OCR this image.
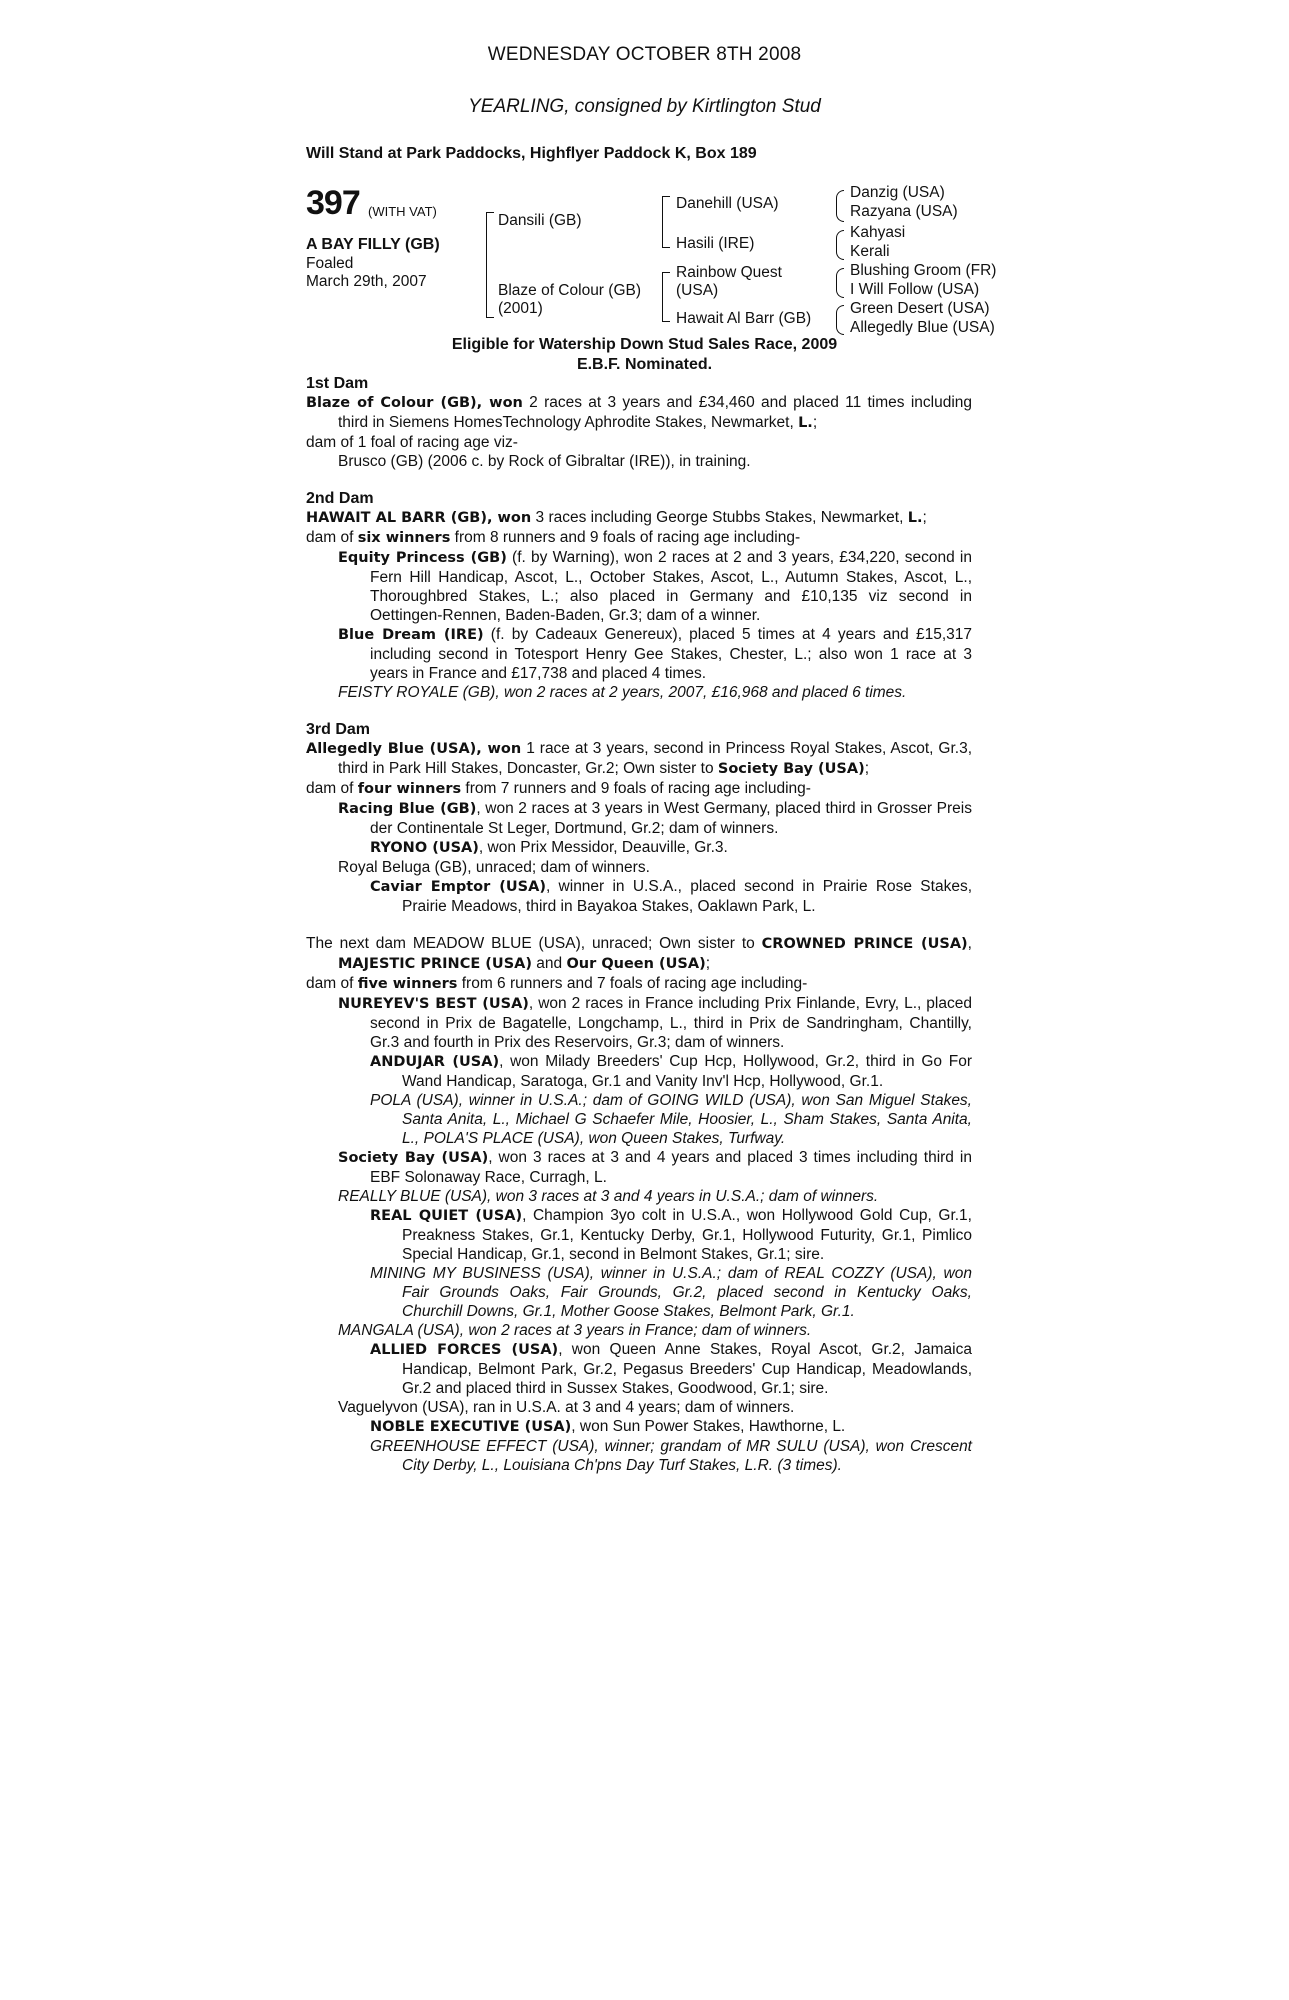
WEDNESDAY OCTOBER 8TH 2008
YEARLING, consigned by Kirtlington Stud
Will Stand at Park Paddocks, Highflyer Paddock K, Box 189
397 (WITH VAT)
A BAY FILLY (GB)
Foaled
March 29th, 2007
Dansili (GB)
Blaze of Colour (GB)
(2001)
Danehill (USA)
Hasili (IRE)
Rainbow Quest
(USA)
Hawait Al Barr (GB)
Danzig (USA)
Razyana (USA)
Kahyasi
Kerali
Blushing Groom (FR)
I Will Follow (USA)
Green Desert (USA)
Allegedly Blue (USA)
Eligible for Watership Down Stud Sales Race, 2009
E.B.F. Nominated.
1st Dam
Blaze of Colour (GB), won 2 races at 3 years and £34,460 and placed 11 times including third in Siemens HomesTechnology Aphrodite Stakes, Newmarket, L.;
dam of 1 foal of racing age viz-
Brusco (GB) (2006 c. by Rock of Gibraltar (IRE)), in training.
2nd Dam
HAWAIT AL BARR (GB), won 3 races including George Stubbs Stakes, Newmarket, L.;
dam of six winners from 8 runners and 9 foals of racing age including-
Equity Princess (GB) (f. by Warning), won 2 races at 2 and 3 years, £34,220, second in Fern Hill Handicap, Ascot, L., October Stakes, Ascot, L., Autumn Stakes, Ascot, L., Thoroughbred Stakes, L.; also placed in Germany and £10,135 viz second in Oettingen-Rennen, Baden-Baden, Gr.3; dam of a winner.
Blue Dream (IRE) (f. by Cadeaux Genereux), placed 5 times at 4 years and £15,317 including second in Totesport Henry Gee Stakes, Chester, L.; also won 1 race at 3 years in France and £17,738 and placed 4 times.
FEISTY ROYALE (GB), won 2 races at 2 years, 2007, £16,968 and placed 6 times.
3rd Dam
Allegedly Blue (USA), won 1 race at 3 years, second in Princess Royal Stakes, Ascot, Gr.3, third in Park Hill Stakes, Doncaster, Gr.2; Own sister to Society Bay (USA);
dam of four winners from 7 runners and 9 foals of racing age including-
Racing Blue (GB), won 2 races at 3 years in West Germany, placed third in Grosser Preis der Continentale St Leger, Dortmund, Gr.2; dam of winners.
RYONO (USA), won Prix Messidor, Deauville, Gr.3.
Royal Beluga (GB), unraced; dam of winners.
Caviar Emptor (USA), winner in U.S.A., placed second in Prairie Rose Stakes, Prairie Meadows, third in Bayakoa Stakes, Oaklawn Park, L.
The next dam MEADOW BLUE (USA), unraced; Own sister to CROWNED PRINCE (USA), MAJESTIC PRINCE (USA) and Our Queen (USA);
dam of five winners from 6 runners and 7 foals of racing age including-
NUREYEV'S BEST (USA), won 2 races in France including Prix Finlande, Evry, L., placed second in Prix de Bagatelle, Longchamp, L., third in Prix de Sandringham, Chantilly, Gr.3 and fourth in Prix des Reservoirs, Gr.3; dam of winners.
ANDUJAR (USA), won Milady Breeders' Cup Hcp, Hollywood, Gr.2, third in Go For Wand Handicap, Saratoga, Gr.1 and Vanity Inv'l Hcp, Hollywood, Gr.1.
POLA (USA), winner in U.S.A.; dam of GOING WILD (USA), won San Miguel Stakes, Santa Anita, L., Michael G Schaefer Mile, Hoosier, L., Sham Stakes, Santa Anita, L., POLA'S PLACE (USA), won Queen Stakes, Turfway.
Society Bay (USA), won 3 races at 3 and 4 years and placed 3 times including third in EBF Solonaway Race, Curragh, L.
REALLY BLUE (USA), won 3 races at 3 and 4 years in U.S.A.; dam of winners.
REAL QUIET (USA), Champion 3yo colt in U.S.A., won Hollywood Gold Cup, Gr.1, Preakness Stakes, Gr.1, Kentucky Derby, Gr.1, Hollywood Futurity, Gr.1, Pimlico Special Handicap, Gr.1, second in Belmont Stakes, Gr.1; sire.
MINING MY BUSINESS (USA), winner in U.S.A.; dam of REAL COZZY (USA), won Fair Grounds Oaks, Fair Grounds, Gr.2, placed second in Kentucky Oaks, Churchill Downs, Gr.1, Mother Goose Stakes, Belmont Park, Gr.1.
MANGALA (USA), won 2 races at 3 years in France; dam of winners.
ALLIED FORCES (USA), won Queen Anne Stakes, Royal Ascot, Gr.2, Jamaica Handicap, Belmont Park, Gr.2, Pegasus Breeders' Cup Handicap, Meadowlands, Gr.2 and placed third in Sussex Stakes, Goodwood, Gr.1; sire.
Vaguelyvon (USA), ran in U.S.A. at 3 and 4 years; dam of winners.
NOBLE EXECUTIVE (USA), won Sun Power Stakes, Hawthorne, L.
GREENHOUSE EFFECT (USA), winner; grandam of MR SULU (USA), won Crescent City Derby, L., Louisiana Ch'pns Day Turf Stakes, L.R. (3 times).
